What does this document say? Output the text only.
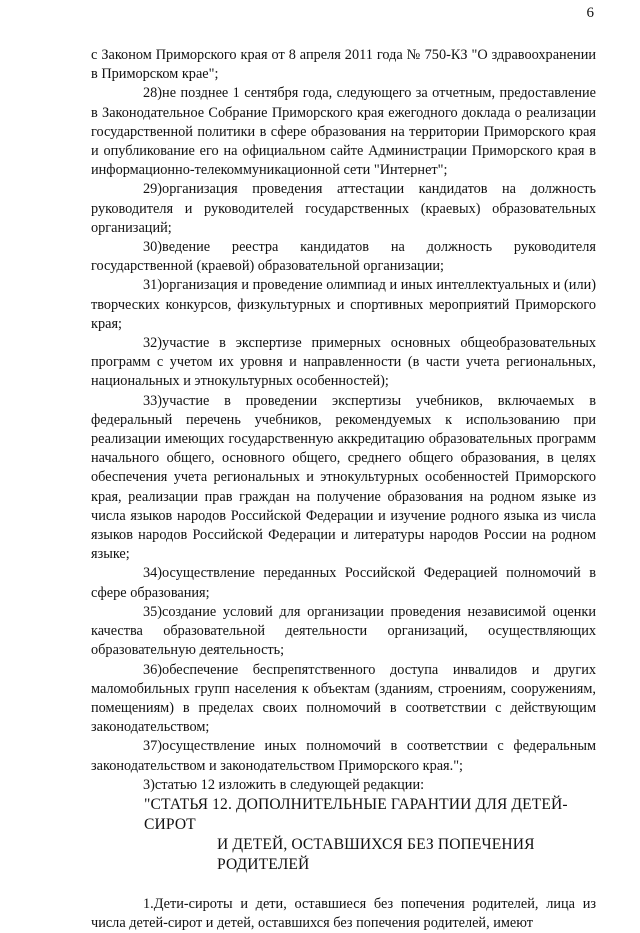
6

с Законом Приморского края от 8 апреля 2011 года № 750-КЗ "О здравоохранении в Приморском крае";

28)не позднее 1 сентября года, следующего за отчетным, предоставление в Законодательное Собрание Приморского края ежегодного доклада о реализации государственной политики в сфере образования на территории Приморского края и опубликование его на официальном сайте Администрации Приморского края в информационно-телекоммуникационной сети "Интернет";

29)организация проведения аттестации кандидатов на должность руководителя и руководителей государственных (краевых) образовательных организаций;

30)ведение реестра кандидатов на должность руководителя государственной (краевой) образовательной организации;

31)организация и проведение олимпиад и иных интеллектуальных и (или) творческих конкурсов, физкультурных и спортивных мероприятий Приморского края;

32)участие в экспертизе примерных основных общеобразовательных программ с учетом их уровня и направленности (в части учета региональных, национальных и этнокультурных особенностей);

33)участие в проведении экспертизы учебников, включаемых в федеральный перечень учебников, рекомендуемых к использованию при реализации имеющих государственную аккредитацию образовательных программ начального общего, основного общего, среднего общего образования, в целях обеспечения учета региональных и этнокультурных особенностей Приморского края, реализации прав граждан на получение образования на родном языке из числа языков народов Российской Федерации и изучение родного языка из числа языков народов Российской Федерации и литературы народов России на родном языке;

34)осуществление переданных Российской Федерацией полномочий в сфере образования;

35)создание условий для организации проведения независимой оценки качества образовательной деятельности организаций, осуществляющих образовательную деятельность;

36)обеспечение беспрепятственного доступа инвалидов и других маломобильных групп населения к объектам (зданиям, строениям, сооружениям, помещениям) в пределах своих полномочий в соответствии с действующим законодательством;

37)осуществление иных полномочий в соответствии с федеральным законодательством и законодательством Приморского края.";

3)статью 12 изложить в следующей редакции:

"СТАТЬЯ 12. ДОПОЛНИТЕЛЬНЫЕ ГАРАНТИИ ДЛЯ ДЕТЕЙ-СИРОТ
И ДЕТЕЙ, ОСТАВШИХСЯ БЕЗ ПОПЕЧЕНИЯ
РОДИТЕЛЕЙ

1.Дети-сироты и дети, оставшиеся без попечения родителей, лица из числа детей-сирот и детей, оставшихся без попечения родителей, имеют
